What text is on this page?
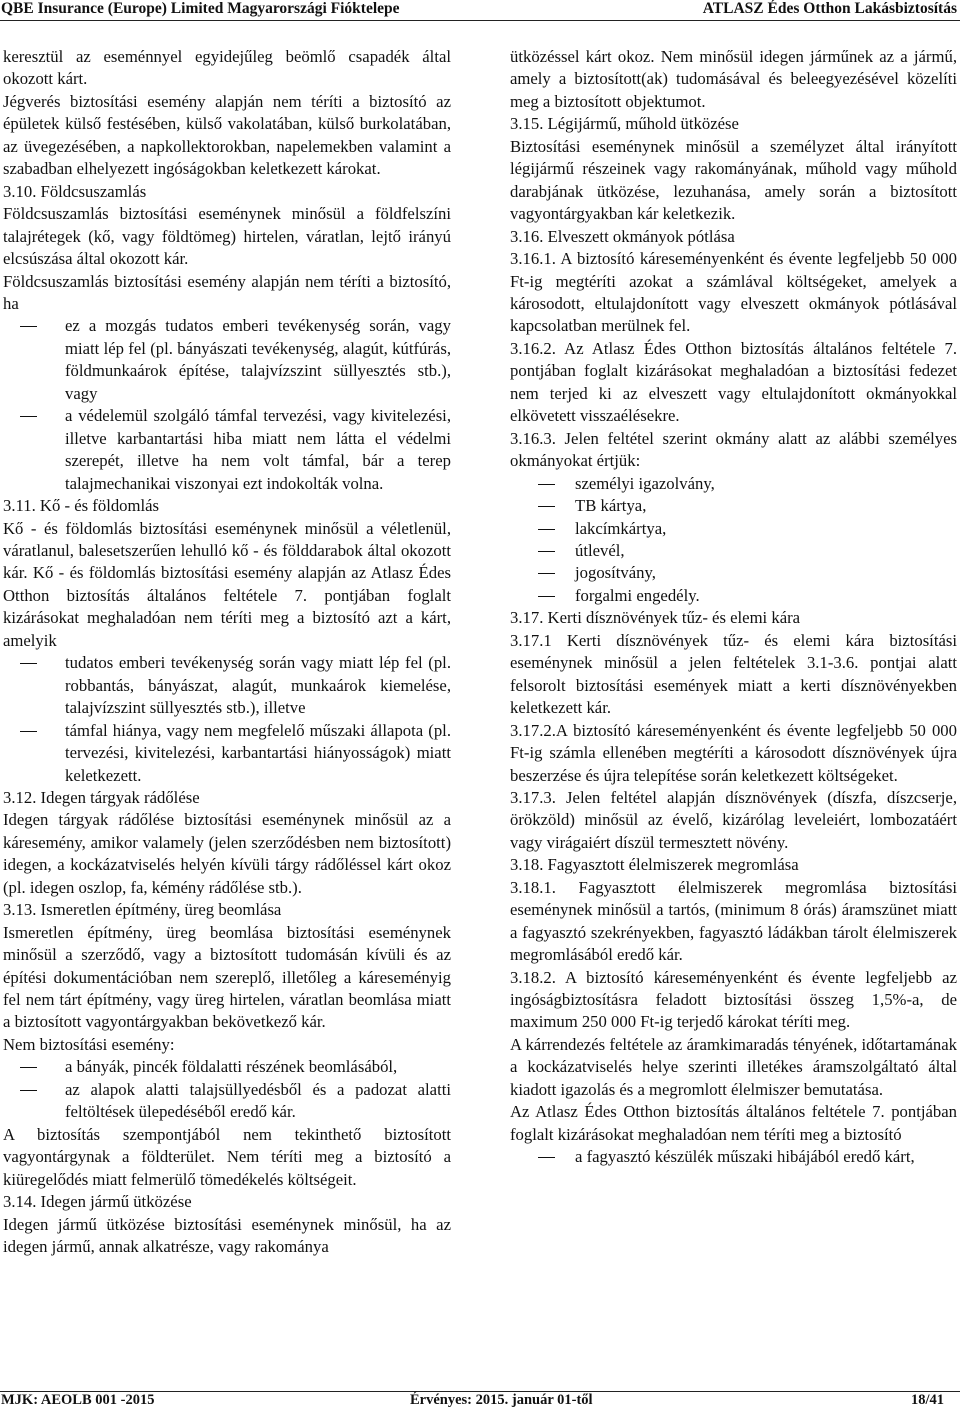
QBE Insurance (Europe) Limited Magyarországi Fióktelepe	ATLASZ Édes Otthon Lakásbiztosítás

keresztül az eseménnyel egyidejűleg beömlő csapadék által okozott kárt.

Jégverés biztosítási esemény alapján nem téríti a biztosító az épületek külső festésében, külső vakolatában, külső burkolatában, az üvegezésében, a napkollektorokban, napelemekben valamint a szabadban elhelyezett ingóságokban keletkezett károkat.

3.10. Földcsuszamlás

Földcsuszamlás biztosítási eseménynek minősül a földfelszíni talajrétegek (kő, vagy földtömeg) hirtelen, váratlan, lejtő irányú elcsúszása által okozott kár.

Földcsuszamlás biztosítási esemény alapján nem téríti a biztosító, ha

ez a mozgás tudatos emberi tevékenység során, vagy miatt lép fel (pl. bányászati tevékenység, alagút, kútfúrás, földmunkaárok építése, talajvízszint süllyesztés stb.), vagy
a védelemül szolgáló támfal tervezési, vagy kivitelezési, illetve karbantartási hiba miatt nem látta el védelmi szerepét, illetve ha nem volt támfal, bár a terep talajmechanikai viszonyai ezt indokolták volna.

3.11. Kő - és földomlás

Kő - és földomlás biztosítási eseménynek minősül a véletlenül, váratlanul, balesetszerűen lehulló kő - és földdarabok által okozott kár. Kő - és földomlás biztosítási esemény alapján az Atlasz Édes Otthon biztosítás általános feltétele 7. pontjában foglalt kizárásokat meghaladóan nem téríti meg a biztosító azt a kárt, amelyik

tudatos emberi tevékenység során vagy miatt lép fel (pl. robbantás, bányászat, alagút, munkaárok kiemelése, talajvízszint süllyesztés stb.), illetve
támfal hiánya, vagy nem megfelelő műszaki állapota (pl. tervezési, kivitelezési, karbantartási hiányosságok) miatt keletkezett.

3.12. Idegen tárgyak rádőlése

Idegen tárgyak rádőlése biztosítási eseménynek minősül az a káresemény, amikor valamely (jelen szerződésben nem biztosított) idegen, a kockázatviselés helyén kívüli tárgy rádőléssel kárt okoz (pl. idegen oszlop, fa, kémény rádőlése stb.).

3.13. Ismeretlen építmény, üreg beomlása

Ismeretlen építmény, üreg beomlása biztosítási eseménynek minősül a szerződő, vagy a biztosított tudomásán kívüli és az építési dokumentációban nem szereplő, illetőleg a káreseményig fel nem tárt építmény, vagy üreg hirtelen, váratlan beomlása miatt a biztosított vagyontárgyakban bekövetkező kár.

Nem biztosítási esemény:

a bányák, pincék földalatti részének beomlásából,
az alapok alatti talajsüllyedésből és a padozat alatti feltöltések ülepedéséből eredő kár.

A biztosítás szempontjából nem tekinthető biztosított vagyontárgynak a földterület. Nem téríti meg a biztosító a kiüregelődés miatt felmerülő tömedékelés költségeit.

3.14. Idegen jármű ütközése

Idegen jármű ütközése biztosítási eseménynek minősül, ha az idegen jármű, annak alkatrésze, vagy rakománya

ütközéssel kárt okoz. Nem minősül idegen járműnek az a jármű, amely a biztosított(ak) tudomásával és beleegyezésével közelíti meg a biztosított objektumot.

3.15. Légijármű, műhold ütközése

Biztosítási eseménynek minősül a személyzet által irányított légijármű részeinek vagy rakományának, műhold vagy műhold darabjának ütközése, lezuhanása, amely során a biztosított vagyontárgyakban kár keletkezik.

3.16. Elveszett okmányok pótlása

3.16.1. A biztosító káreseményenként és évente legfeljebb 50 000 Ft-ig megtéríti azokat a számlával költségeket, amelyek a károsodott, eltulajdonított vagy elveszett okmányok pótlásával kapcsolatban merülnek fel.

3.16.2. Az Atlasz Édes Otthon biztosítás általános feltétele 7. pontjában foglalt kizárásokat meghaladóan a biztosítási fedezet nem terjed ki az elveszett vagy eltulajdonított okmányokkal elkövetett visszaélésekre.

3.16.3. Jelen feltétel szerint okmány alatt az alábbi személyes okmányokat értjük:

személyi igazolvány,
TB kártya,
lakcímkártya,
útlevél,
jogosítvány,
forgalmi engedély.

3.17. Kerti dísznövények tűz- és elemi kára

3.17.1 Kerti dísznövények tűz- és elemi kára biztosítási eseménynek minősül a jelen feltételek 3.1-3.6. pontjai alatt felsorolt biztosítási események miatt a kerti dísznövényekben keletkezett kár.

3.17.2.A biztosító káreseményenként és évente legfeljebb 50 000 Ft-ig számla ellenében megtéríti a károsodott dísznövények újra beszerzése és újra telepítése során keletkezett költségeket.

3.17.3. Jelen feltétel alapján dísznövények (díszfa, díszcserje, örökzöld) minősül az évelő, kizárólag leveleiért, lombozatáért vagy virágaiért díszül termesztett növény.

3.18. Fagyasztott élelmiszerek megromlása

3.18.1. Fagyasztott élelmiszerek megromlása biztosítási eseménynek minősül a tartós, (minimum 8 órás) áramszünet miatt a fagyasztó szekrényekben, fagyasztó ládákban tárolt élelmiszerek megromlásából eredő kár.

3.18.2. A biztosító káreseményenként és évente legfeljebb az ingóságbiztosításra feladott biztosítási összeg 1,5%-a, de maximum 250 000 Ft-ig terjedő károkat téríti meg.

A kárrendezés feltétele az áramkimaradás tényének, időtartamának a kockázatviselés helye szerinti illetékes áramszolgáltató által kiadott igazolás és a megromlott élelmiszer bemutatása.

Az Atlasz Édes Otthon biztosítás általános feltétele 7. pontjában foglalt kizárásokat meghaladóan nem téríti meg a biztosító

a fagyasztó készülék műszaki hibájából eredő kárt,
MJK: AEOLB 001 -2015	Érvényes: 2015. január 01-től	18/41
